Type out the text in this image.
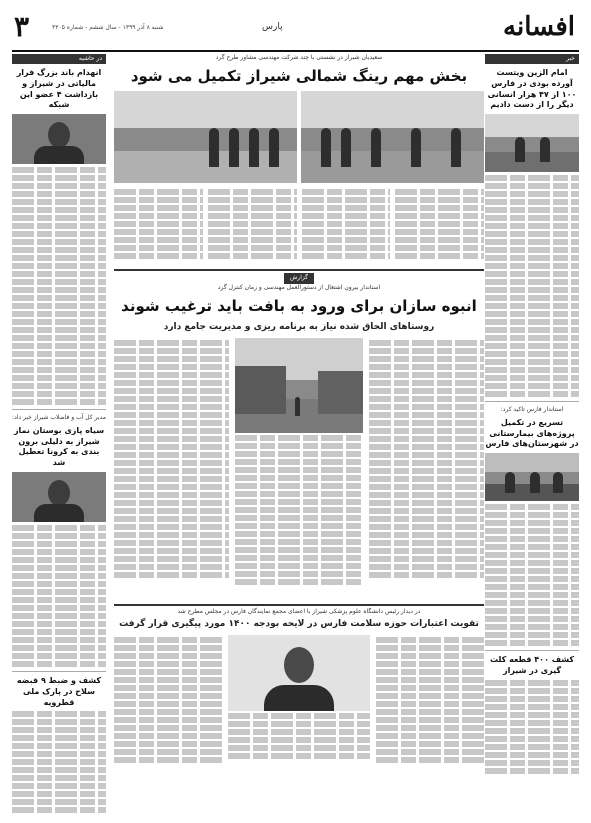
افسانه
پارس
شنبه ۸ آذر ۱۳۹۹ - سال ششم - شماره ۳۳۰۵
۳
خبر
امام الزین ویتست آورده بودی در فارس ۱۰۰ از ۴۷ هزار انسانی دیگر را از دست دادیم
استاندار فارس تاکید کرد:
تسریع در تکمیل پروژه‌های بیمارستانی در شهرستان‌های فارس
کشف ۴۰۰ قطعه کلت گیری در شیراز
سعیدیان شیراز در نشستی با چند شرکت مهندسی مشاور طرح گرد
بخش مهم رینگ شمالی شیراز تکمیل می شود
گزارش
استاندار بیرون اشتغال از دستورالعمل مهندسی و زمان کنترل گرد
انبوه سازان برای ورود به بافت باید ترغیب شوند
روستاهای الحاق شده نیاز به برنامه ریزی و مدیریت جامع دارد
در دیدار رئیس دانشگاه علوم پزشکی شیراز با اعضای مجمع نمایندگان فارس در مجلس مطرح شد
تقویت اعتبارات حوزه سلامت فارس در لایحه بودجه ۱۴۰۰ مورد پیگیری قرار گرفت
در حاشیه
انهدام باند بزرگ فرار مالیاتی در شیراز و بازداشت ۴ عضو این شبکه
مدیر کل آب و فاضلاب شیراز خبر داد:
سیاه پازی بوستان نماز شیراز به دلیلی برون بندی به کرونا تعطیل شد
کشف و ضبط ۹ قبضه سلاح در پارک ملی قطرویه
